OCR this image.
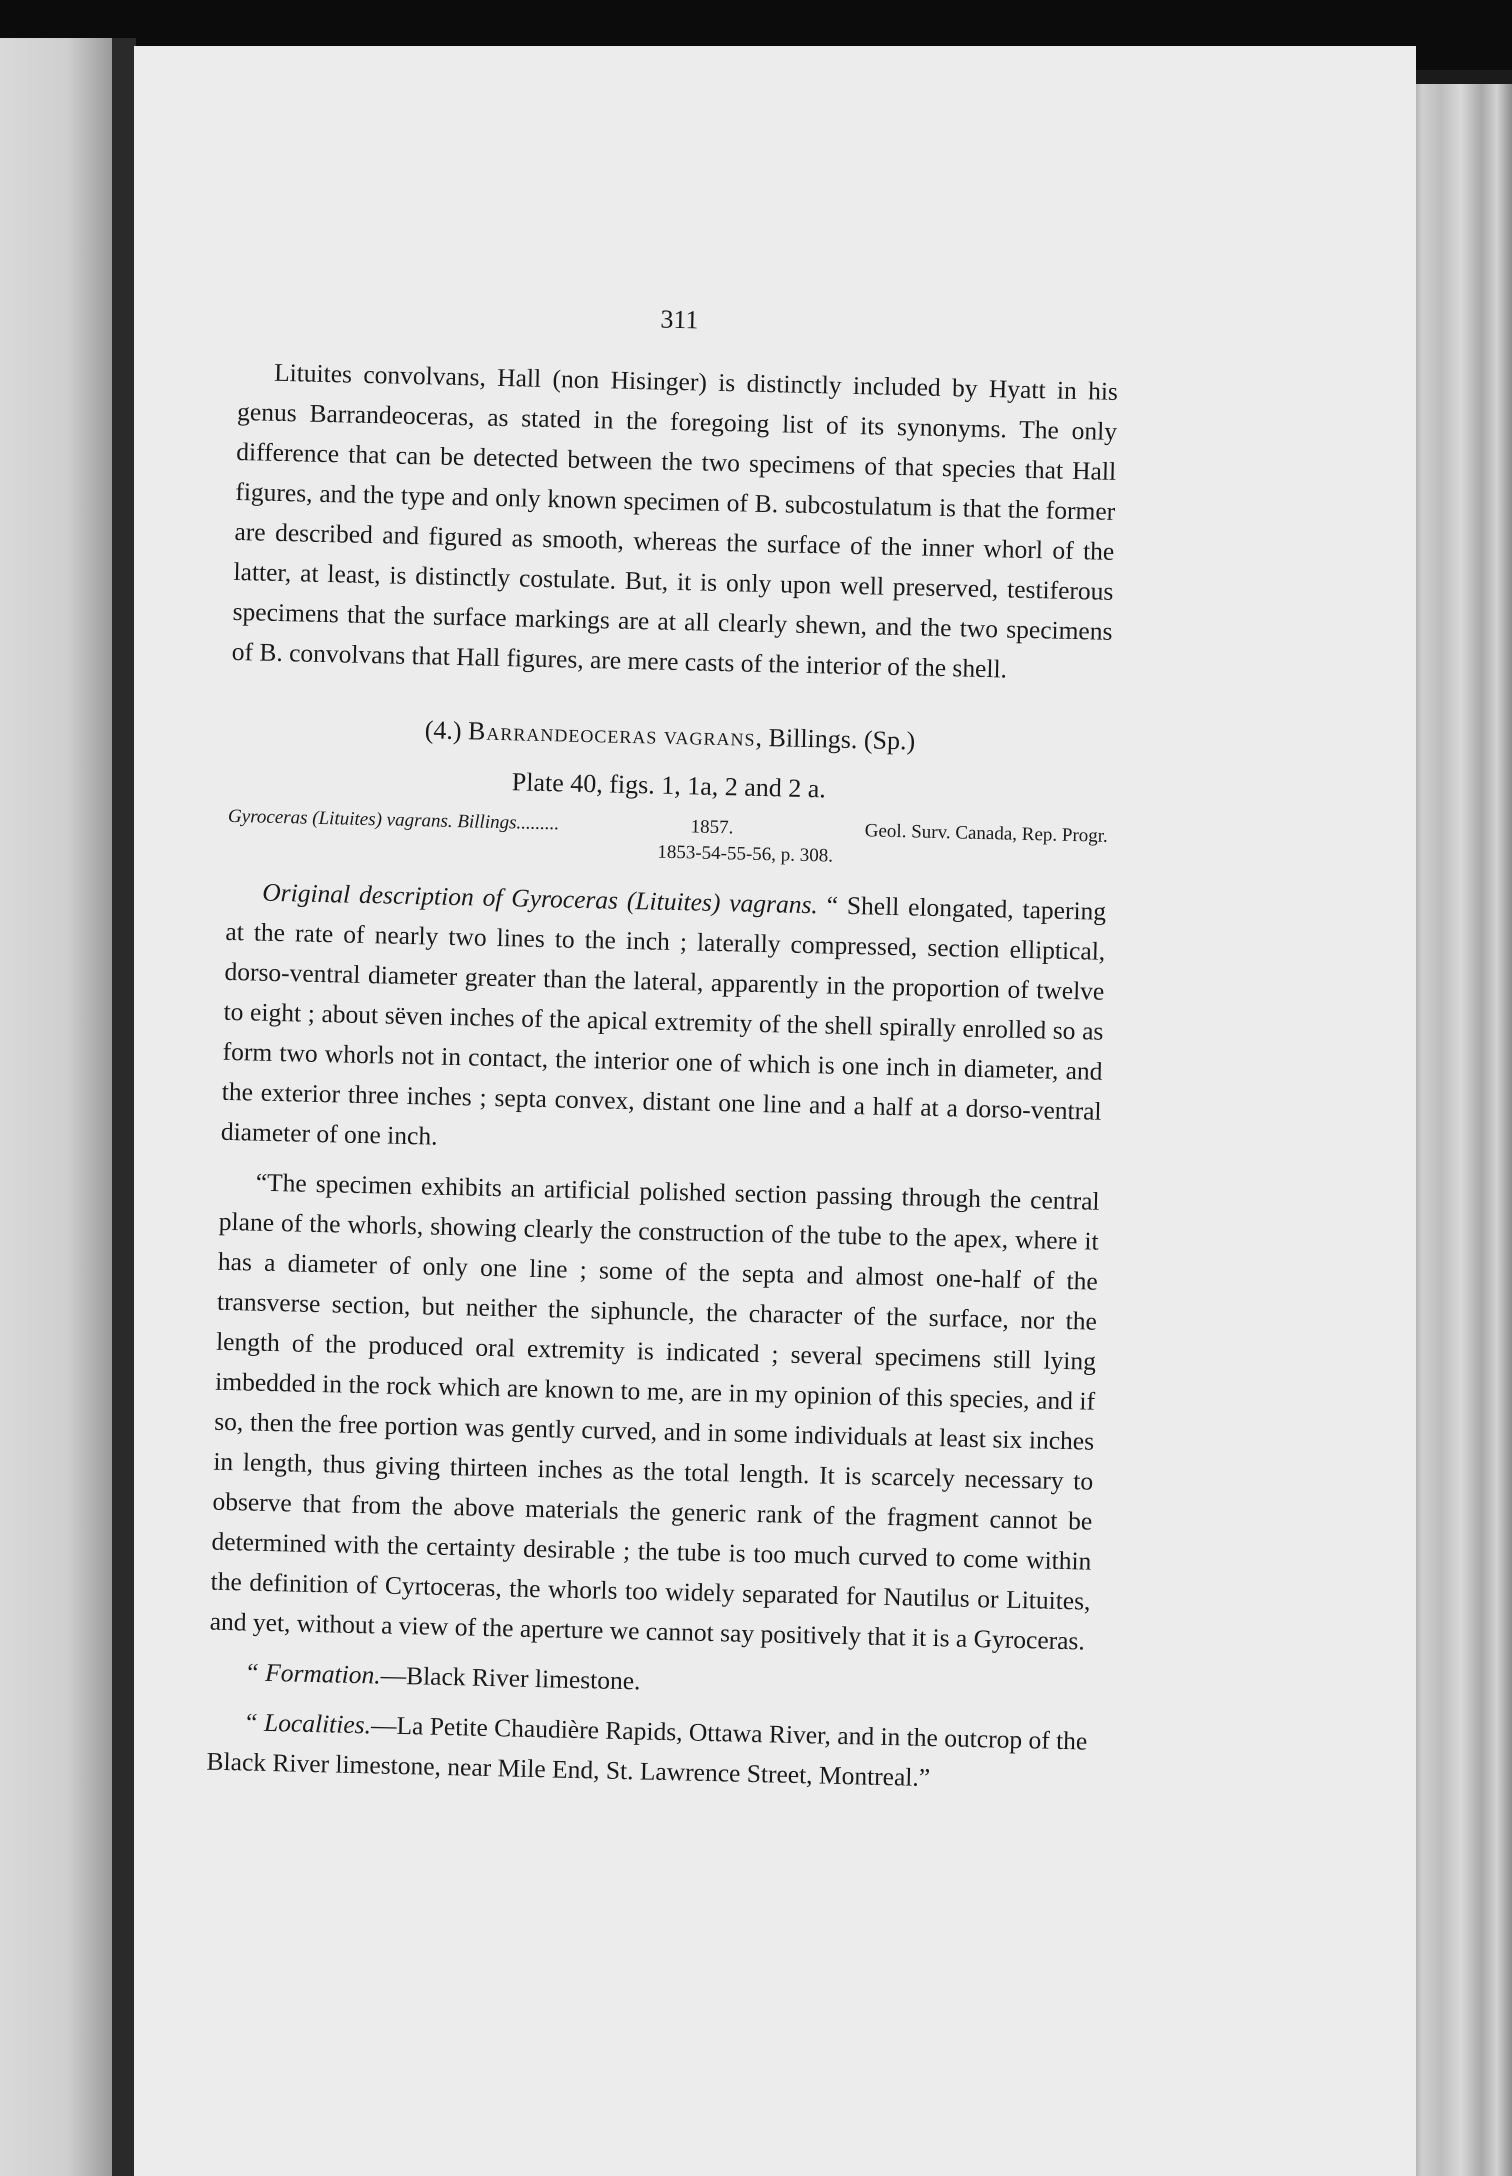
311

Lituites convolvans, Hall (non Hisinger) is distinctly included by Hyatt in his genus Barrandeoceras, as stated in the foregoing list of its synonyms. The only difference that can be detected between the two specimens of that species that Hall figures, and the type and only known specimen of B. subcostulatum is that the former are described and figured as smooth, whereas the surface of the inner whorl of the latter, at least, is distinctly costulate. But, it is only upon well preserved, testiferous specimens that the surface markings are at all clearly shewn, and the two specimens of B. convolvans that Hall figures, are mere casts of the interior of the shell.

(4.) Barrandeoceras vagrans, Billings. (Sp.)
Plate 40, figs. 1, 1a, 2 and 2 a.
Gyroceras (Lituites) vagrans. Billings.........	1857.	Geol. Surv. Canada, Rep. Progr.
1853-54-55-56, p. 308.

Original description of Gyroceras (Lituites) vagrans. “ Shell elongated, tapering at the rate of nearly two lines to the inch ; laterally compressed, section elliptical, dorso-ventral diameter greater than the lateral, apparently in the proportion of twelve to eight ; about sëven inches of the apical extremity of the shell spirally enrolled so as form two whorls not in contact, the interior one of which is one inch in diameter, and the exterior three inches ; septa convex, distant one line and a half at a dorso-ventral diameter of one inch.

“The specimen exhibits an artificial polished section passing through the central plane of the whorls, showing clearly the construction of the tube to the apex, where it has a diameter of only one line ; some of the septa and almost one-half of the transverse section, but neither the siphuncle, the character of the surface, nor the length of the produced oral extremity is indicated ; several specimens still lying imbedded in the rock which are known to me, are in my opinion of this species, and if so, then the free portion was gently curved, and in some individuals at least six inches in length, thus giving thirteen inches as the total length. It is scarcely necessary to observe that from the above materials the generic rank of the fragment cannot be determined with the certainty desirable ; the tube is too much curved to come within the definition of Cyrtoceras, the whorls too widely separated for Nautilus or Lituites, and yet, without a view of the aperture we cannot say positively that it is a Gyroceras.

“ Formation.—Black River limestone.

“ Localities.—La Petite Chaudière Rapids, Ottawa River, and in the outcrop of the Black River limestone, near Mile End, St. Lawrence Street, Montreal.”
